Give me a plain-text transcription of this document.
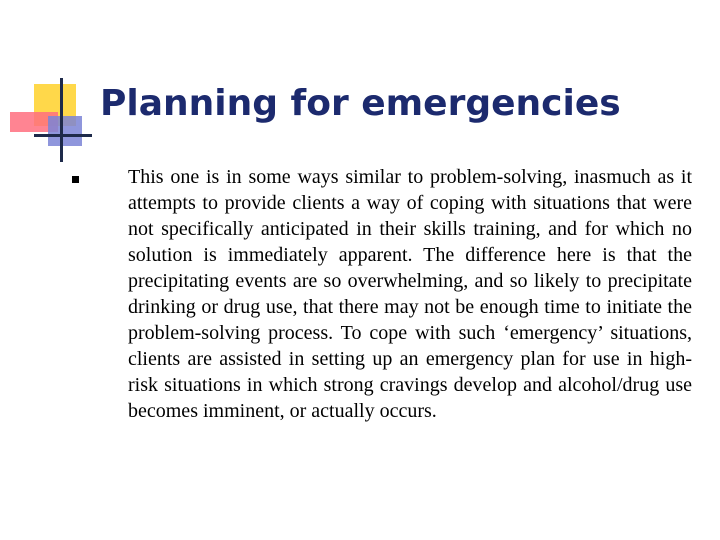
Planning for emergencies

This one is in some ways similar to problem-solving, inasmuch as it attempts to provide clients a way of coping with situations that were not specifically anticipated in their skills training, and for which no solution is immediately apparent. The difference here is that the precipitating events are so overwhelming, and so likely to precipitate drinking or drug use, that there may not be enough time to initiate the problem-solving process. To cope with such ‘emergency’ situations, clients are assisted in setting up an emergency plan for use in high-risk situations in which strong cravings develop and alcohol/drug use becomes imminent, or actually occurs.
